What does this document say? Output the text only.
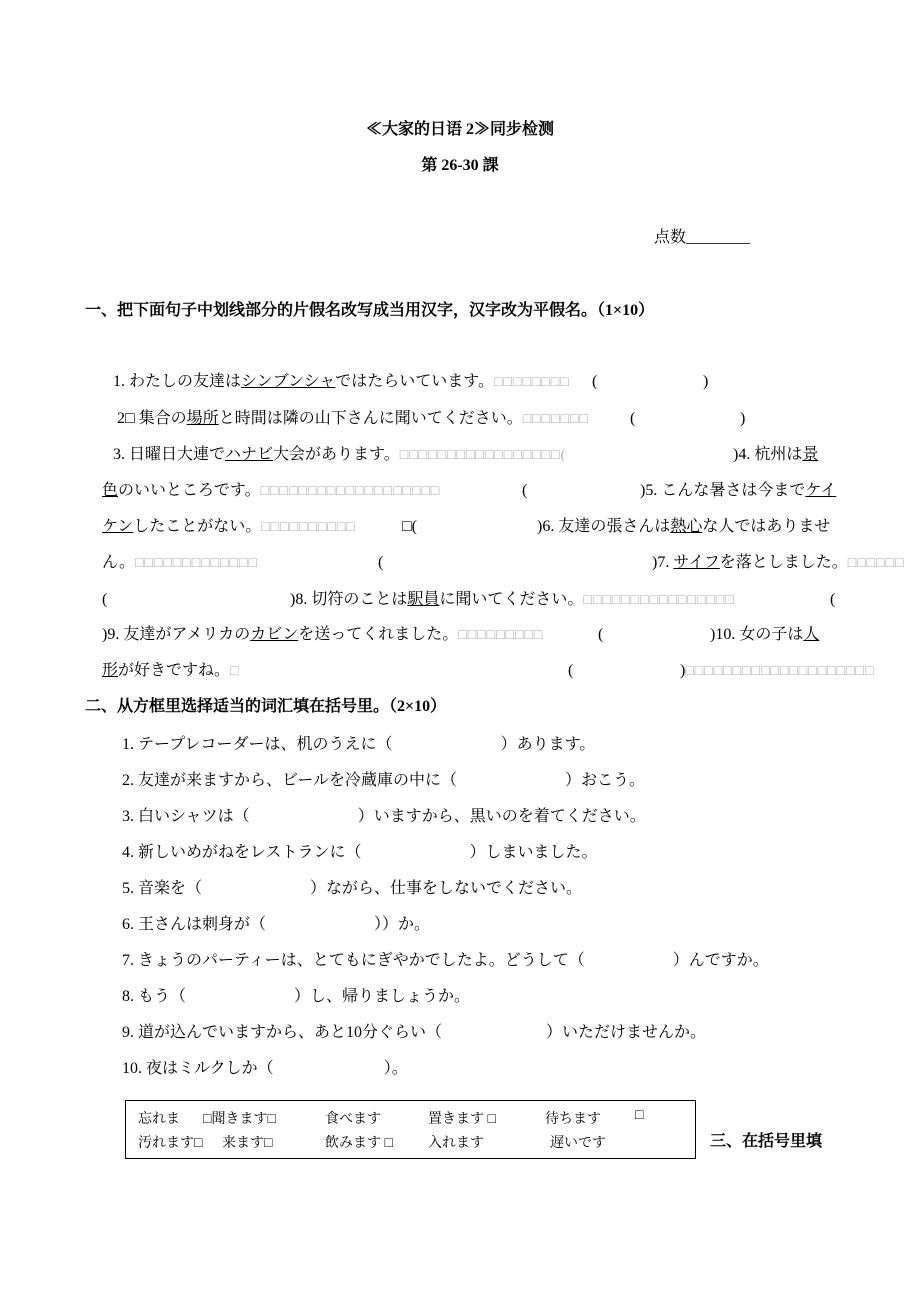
≪大家的日语 2≫同步检测
第 26-30 課
点数________
一、把下面句子中划线部分的片假名改写成当用汉字，汉字改为平假名。（1×10）
1. わたしの友達はシンブンシャではたらいています。□□□□□□□□ (	)
2□ 集合の場所と時間は隣の山下さんに聞いてください。□□□□□□□	(	)
3. 日曜日大連でハナビ大会があります。□□□□□□□□□□□□□□□□□(	)4. 杭州は景
色のいいところです。□□□□□□□□□□□□□□□□□□□	(	)5. こんな暑さは今までケイ
ケンしたことがない。□□□□□□□□□□	□(	)6. 友達の張さんは熱心な人ではありませ
ん。□□□□□□□□□□□□□	(	)7. サイフを落としました。□□□□□□
(	)8. 切符のことは駅員に聞いてください。□□□□□□□□□□□□□□□□	(
)9. 友達がアメリカのカビンを送ってくれました。□□□□□□□□□	(	)10. 女の子は人
形が好きですね。□	(	)□□□□□□□□□□□□□□□□□□□□
二、从方框里选择适当的词汇填在括号里。（2×10）
1. テープレコーダーは、机のうえに（	）あります。
2. 友達が来ますから、ビールを冷蔵庫の中に（	）おこう。
3. 白いシャツは（	）いますから、黒いのを着てください。
4. 新しいめがねをレストランに（	）しまいました。
5. 音楽を（	）ながら、仕事をしないでください。
6. 王さんは刺身が（	））か。
7. きょうのパーティーは、とてもにぎやかでしたよ。どうして（	）んですか。
8. もう（	）し、帰りましょうか。
9. 道が込んでいますから、あと10分ぐらい（	）いただけませんか。
10. 夜はミルクしか（	）。
忘れま □聞きます□	食べます	置きます □	待ちます □
汚れます□ 来ます□	飲みます □	入れます	遅いです	三、在括号里填
